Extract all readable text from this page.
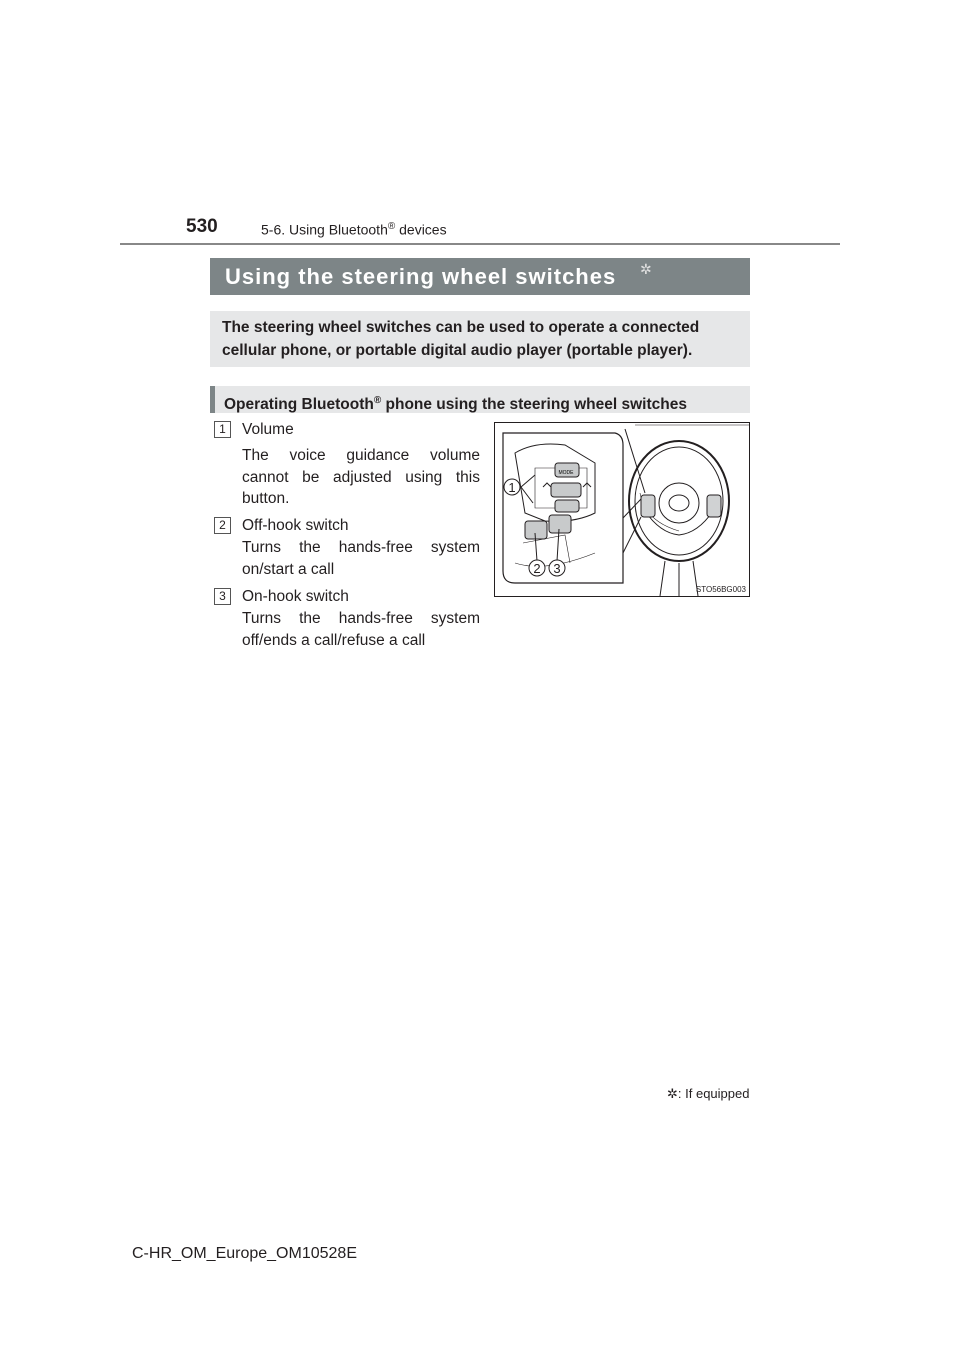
530	5-6. Using Bluetooth® devices
Using the steering wheel switches ✲
The steering wheel switches can be used to operate a connected cellular phone, or portable digital audio player (portable player).
Operating Bluetooth® phone using the steering wheel switches
1	Volume
The voice guidance volume cannot be adjusted using this button.
2	Off-hook switch
Turns the hands-free system on/start a call
3	On-hook switch
Turns the hands-free system off/ends a call/refuse a call
MODE
1
2 3
STO56BG003
✲: If equipped
C-HR_OM_Europe_OM10528E
